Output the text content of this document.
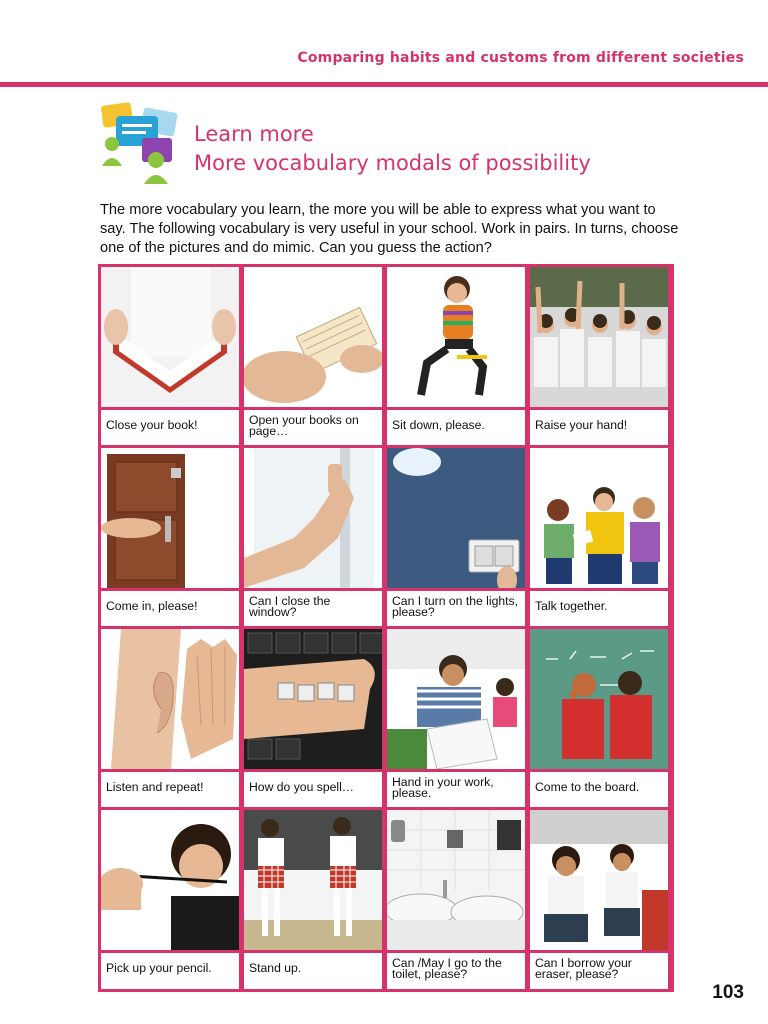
Comparing habits and customs from different societies
Learn more
More vocabulary modals of possibility
The more vocabulary you learn, the more you will be able to express what you want to say. The following vocabulary is very useful in your school. Work in pairs. In turns, choose one of the pictures and do mimic. Can you guess the action?
Close your book!	Open your books on page…	Sit down, please.	Raise your hand!
Come in, please!	Can I close the window?
Can I turn on the lights, please?	Talk together.
Listen and repeat!	How do you spell…	Hand in your work, please.	Come to the board.
Pick up your pencil.	Stand up.	Can /May I go to the toilet, please?
Can I borrow your eraser, please?
103
